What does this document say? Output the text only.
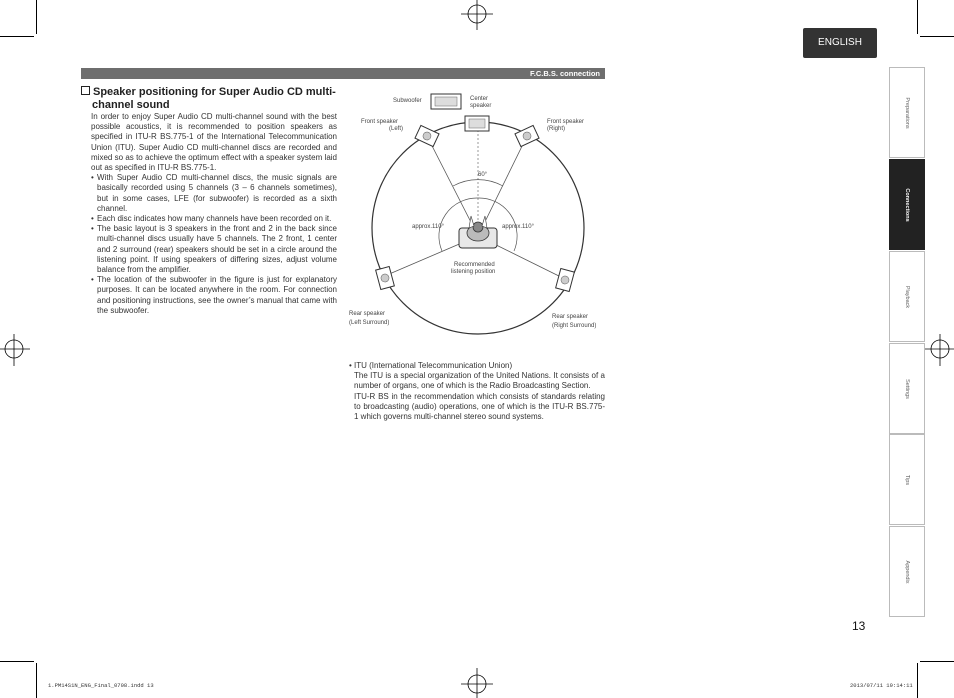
ENGLISH
F.C.B.S. connection
Speaker positioning for Super Audio CD multi-
channel sound

In order to enjoy Super Audio CD multi-channel sound with the best possible acoustics, it is recommended to position speakers as specified in ITU-R BS.775-1 of the International Telecommunication Union (ITU). Super Audio CD multi-channel discs are recorded and mixed so as to achieve the optimum effect with a speaker system laid out as specified in ITU-R BS.775-1.

• With Super Audio CD multi-channel discs, the music signals are basically recorded using 5 channels (3 – 6 channels sometimes), but in some cases, LFE (for subwoofer) is recorded as a sixth channel.
• Each disc indicates how many channels have been recorded on it.
• The basic layout is 3 speakers in the front and 2 in the back since multi-channel discs usually have 5 channels. The 2 front, 1 center and 2 surround (rear) speakers should be set in a circle around the listening point. If using speakers of differing sizes, adjust volume balance from the amplifier.
• The location of the subwoofer in the figure is just for explanatory purposes. It can be located anywhere in the room. For connection and positioning instructions, see the owner’s manual that came with the subwoofer.
Subwoofer	Center
speaker
Front speaker
(Left)
Front speaker
(Right)
60°
approx.110°	approx.110°
Recommended
listening position
Rear speaker
(Left Surround)
Rear speaker
(Right Surround)
• ITU (International Telecommunication Union)
The ITU is a special organization of the United Nations. It consists of a number of organs, one of which is the Radio Broadcasting Section.
ITU-R BS in the recommendation which consists of standards relating to broadcasting (audio) operations, one of which is the ITU-R BS.775-1 which governs multi-channel stereo sound systems.
Preparations
Connections
Playback
Settings
Tips
Appendix
13
1.PM14S1N_ENG_Final_0708.indd 13	2013/07/11 19:14:11
